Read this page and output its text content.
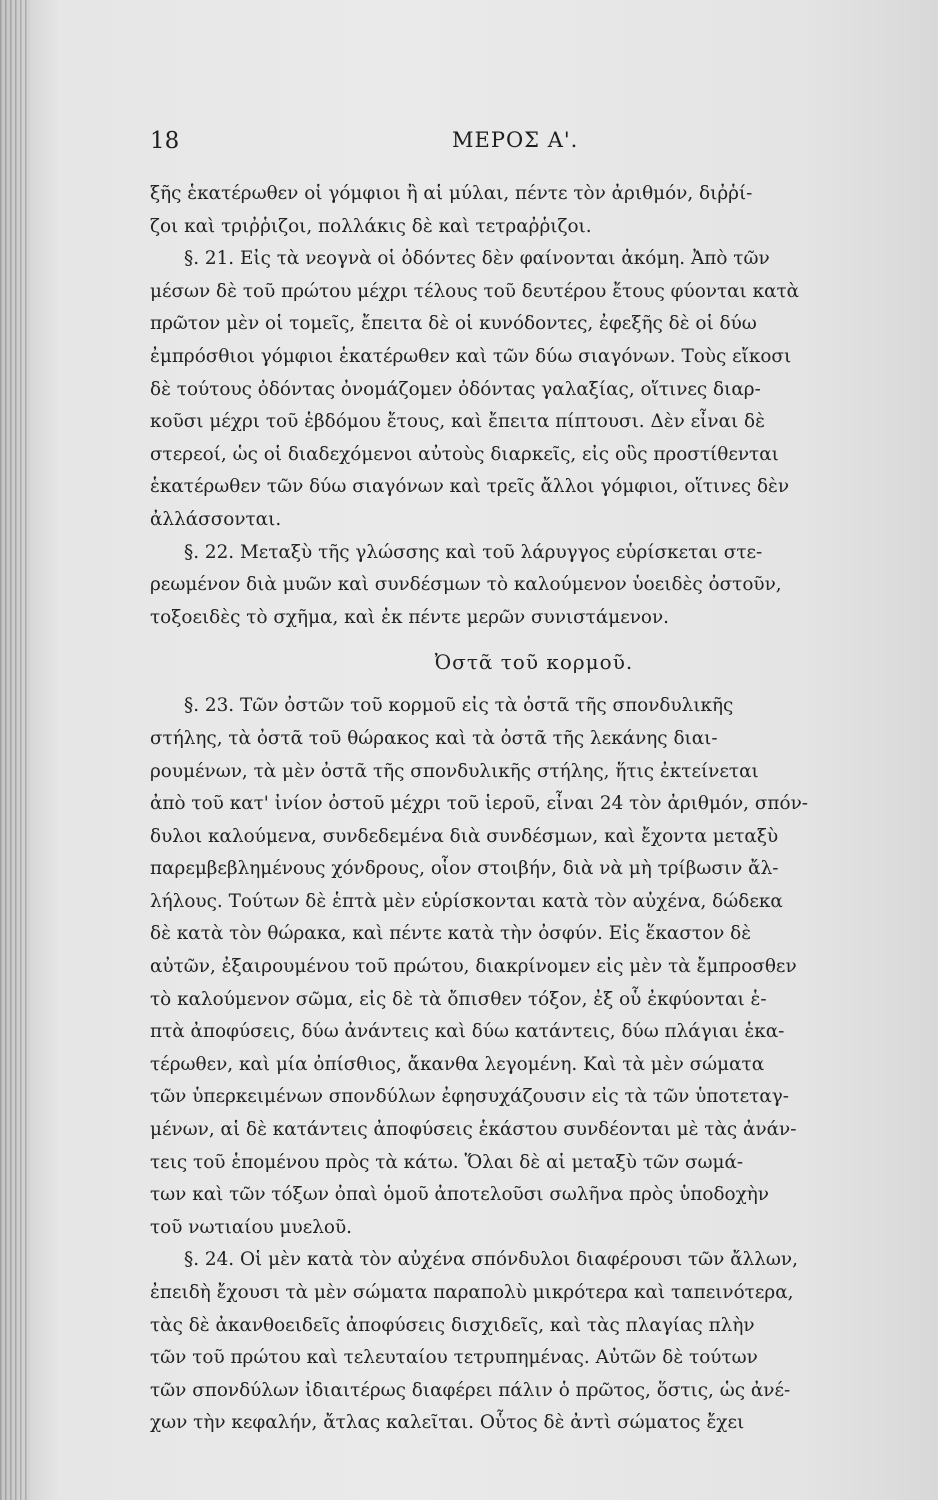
18	ΜΕΡΟΣ Α'.
ξῆς ἑκατέρωθεν οἱ γόμφιοι ἢ αἱ μύλαι, πέντε τὸν ἀριθμόν, διῤῥί-
ζοι καὶ τριῤῥιζοι, πολλάκις δὲ καὶ τετραῤῥιζοι.
§. 21. Εἰς τὰ νεογνὰ οἱ ὀδόντες δὲν φαίνονται ἀκόμη. Ἀπὸ τῶν
μέσων δὲ τοῦ πρώτου μέχρι τέλους τοῦ δευτέρου ἔτους φύονται κατὰ
πρῶτον μὲν οἱ τομεῖς, ἔπειτα δὲ οἱ κυνόδοντες, ἐφεξῆς δὲ οἱ δύω
ἐμπρόσθιοι γόμφιοι ἑκατέρωθεν καὶ τῶν δύω σιαγόνων. Τοὺς εἴκοσι
δὲ τούτους ὀδόντας ὀνομάζομεν ὀδόντας γαλαξίας, οἵτινες διαρ-
κοῦσι μέχρι τοῦ ἑβδόμου ἔτους, καὶ ἔπειτα πίπτουσι. Δὲν εἶναι δὲ
στερεοί, ὡς οἱ διαδεχόμενοι αὐτοὺς διαρκεῖς, εἰς οὓς προστίθενται
ἑκατέρωθεν τῶν δύω σιαγόνων καὶ τρεῖς ἄλλοι γόμφιοι, οἵτινες δὲν
ἀλλάσσονται.
§. 22. Μεταξὺ τῆς γλώσσης καὶ τοῦ λάρυγγος εὑρίσκεται στε-
ρεωμένον διὰ μυῶν καὶ συνδέσμων τὸ καλούμενον ὑοειδὲς ὀστοῦν,
τοξοειδὲς τὸ σχῆμα, καὶ ἐκ πέντε μερῶν συνιστάμενον.
Ὀστᾶ τοῦ κορμοῦ.
§. 23. Τῶν ὀστῶν τοῦ κορμοῦ εἰς τὰ ὀστᾶ τῆς σπονδυλικῆς
στήλης, τὰ ὀστᾶ τοῦ θώρακος καὶ τὰ ὀστᾶ τῆς λεκάνης διαι-
ρουμένων, τὰ μὲν ὀστᾶ τῆς σπονδυλικῆς στήλης, ἥτις ἐκτείνεται
ἀπὸ τοῦ κατ' ἰνίον ὀστοῦ μέχρι τοῦ ἱεροῦ, εἶναι 24 τὸν ἀριθμόν, σπόν-
δυλοι καλούμενα, συνδεδεμένα διὰ συνδέσμων, καὶ ἔχοντα μεταξὺ
παρεμβεβλημένους χόνδρους, οἷον στοιβήν, διὰ νὰ μὴ τρίβωσιν ἄλ-
λήλους. Τούτων δὲ ἑπτὰ μὲν εὑρίσκονται κατὰ τὸν αὐχένα, δώδεκα
δὲ κατὰ τὸν θώρακα, καὶ πέντε κατὰ τὴν ὀσφύν. Εἰς ἕκαστον δὲ
αὐτῶν, ἐξαιρουμένου τοῦ πρώτου, διακρίνομεν εἰς μὲν τὰ ἔμπροσθεν
τὸ καλούμενον σῶμα, εἰς δὲ τὰ ὄπισθεν τόξον, ἐξ οὗ ἐκφύονται ἑ-
πτὰ ἀποφύσεις, δύω ἀνάντεις καὶ δύω κατάντεις, δύω πλάγιαι ἑκα-
τέρωθεν, καὶ μία ὀπίσθιος, ἄκανθα λεγομένη. Καὶ τὰ μὲν σώματα
τῶν ὑπερκειμένων σπονδύλων ἐφησυχάζουσιν εἰς τὰ τῶν ὑποτεταγ-
μένων, αἱ δὲ κατάντεις ἀποφύσεις ἑκάστου συνδέονται μὲ τὰς ἀνάν-
τεις τοῦ ἑπομένου πρὸς τὰ κάτω. Ὅλαι δὲ αἱ μεταξὺ τῶν σωμά-
των καὶ τῶν τόξων ὀπαὶ ὁμοῦ ἀποτελοῦσι σωλῆνα πρὸς ὑποδοχὴν
τοῦ νωτιαίου μυελοῦ.
§. 24. Οἱ μὲν κατὰ τὸν αὐχένα σπόνδυλοι διαφέρουσι τῶν ἄλλων,
ἐπειδὴ ἔχουσι τὰ μὲν σώματα παραπολὺ μικρότερα καὶ ταπεινότερα,
τὰς δὲ ἀκανθοειδεῖς ἀποφύσεις δισχιδεῖς, καὶ τὰς πλαγίας πλὴν
τῶν τοῦ πρώτου καὶ τελευταίου τετρυπημένας. Αὐτῶν δὲ τούτων
τῶν σπονδύλων ἰδιαιτέρως διαφέρει πάλιν ὁ πρῶτος, ὅστις, ὡς ἀνέ-
χων τὴν κεφαλήν, ἄτλας καλεῖται. Οὗτος δὲ ἀντὶ σώματος ἔχει
